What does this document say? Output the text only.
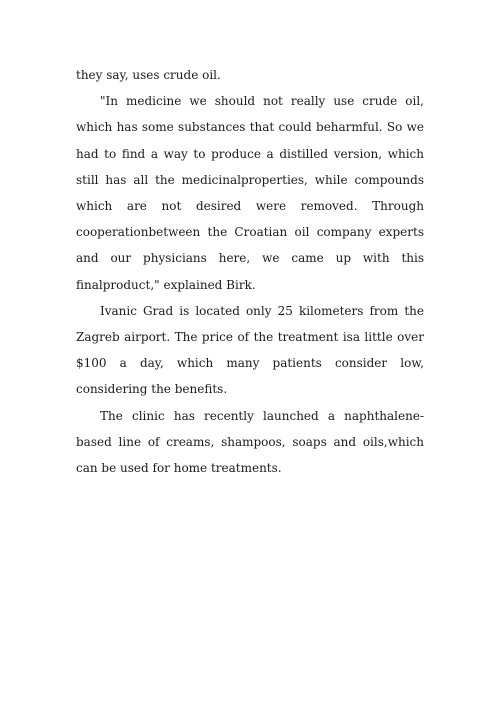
they say, uses crude oil.

"In medicine we should not really use crude oil, which has some substances that could beharmful. So we had to find a way to produce a distilled version, which still has all the medicinalproperties, while compounds which are not desired were removed. Through cooperationbetween the Croatian oil company experts and our physicians here, we came up with this finalproduct," explained Birk.

Ivanic Grad is located only 25 kilometers from the Zagreb airport. The price of the treatment isa little over $100 a day, which many patients consider low, considering the benefits.

The clinic has recently launched a naphthalene-based line of creams, shampoos, soaps and oils,which can be used for home treatments.
